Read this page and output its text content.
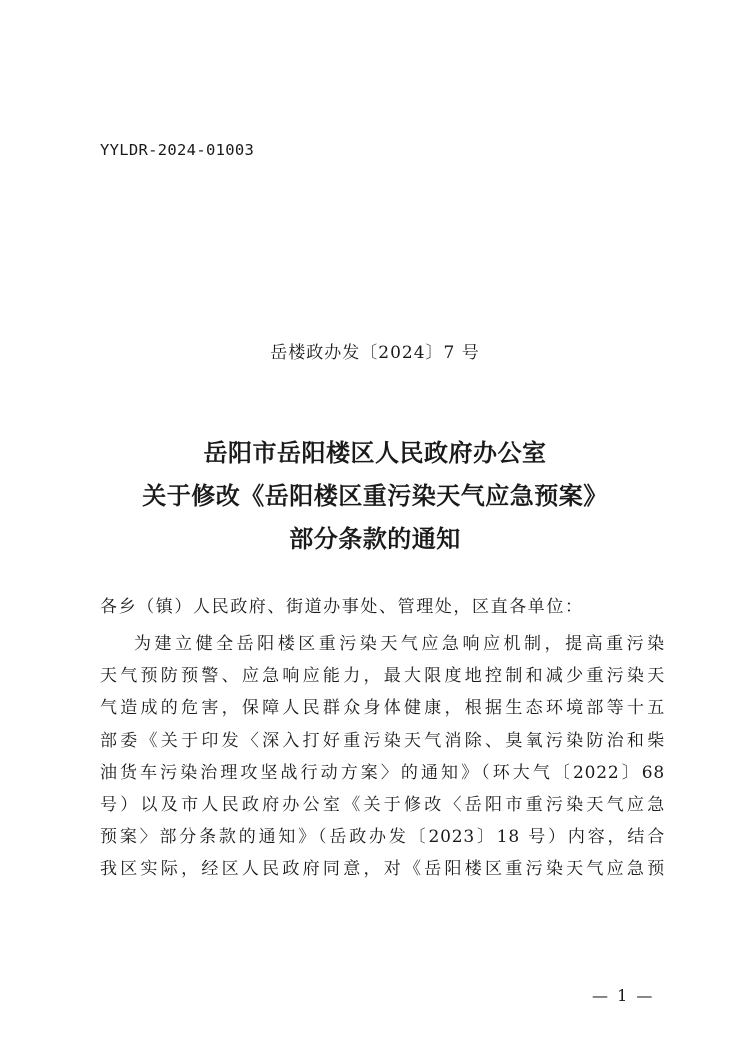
YYLDR-2024-01003
岳楼政办发〔2024〕7 号
岳阳市岳阳楼区人民政府办公室
关于修改《岳阳楼区重污染天气应急预案》
部分条款的通知
各乡（镇）人民政府、街道办事处、管理处，区直各单位：
为建立健全岳阳楼区重污染天气应急响应机制，提高重污染
天气预防预警、应急响应能力，最大限度地控制和减少重污染天
气造成的危害，保障人民群众身体健康，根据生态环境部等十五
部委《关于印发〈深入打好重污染天气消除、臭氧污染防治和柴
油货车污染治理攻坚战行动方案〉的通知》（环大气〔2022〕68
号）以及市人民政府办公室《关于修改〈岳阳市重污染天气应急
预案〉部分条款的通知》（岳政办发〔2023〕18 号）内容，结合
我区实际，经区人民政府同意，对《岳阳楼区重污染天气应急预
— 1 —
